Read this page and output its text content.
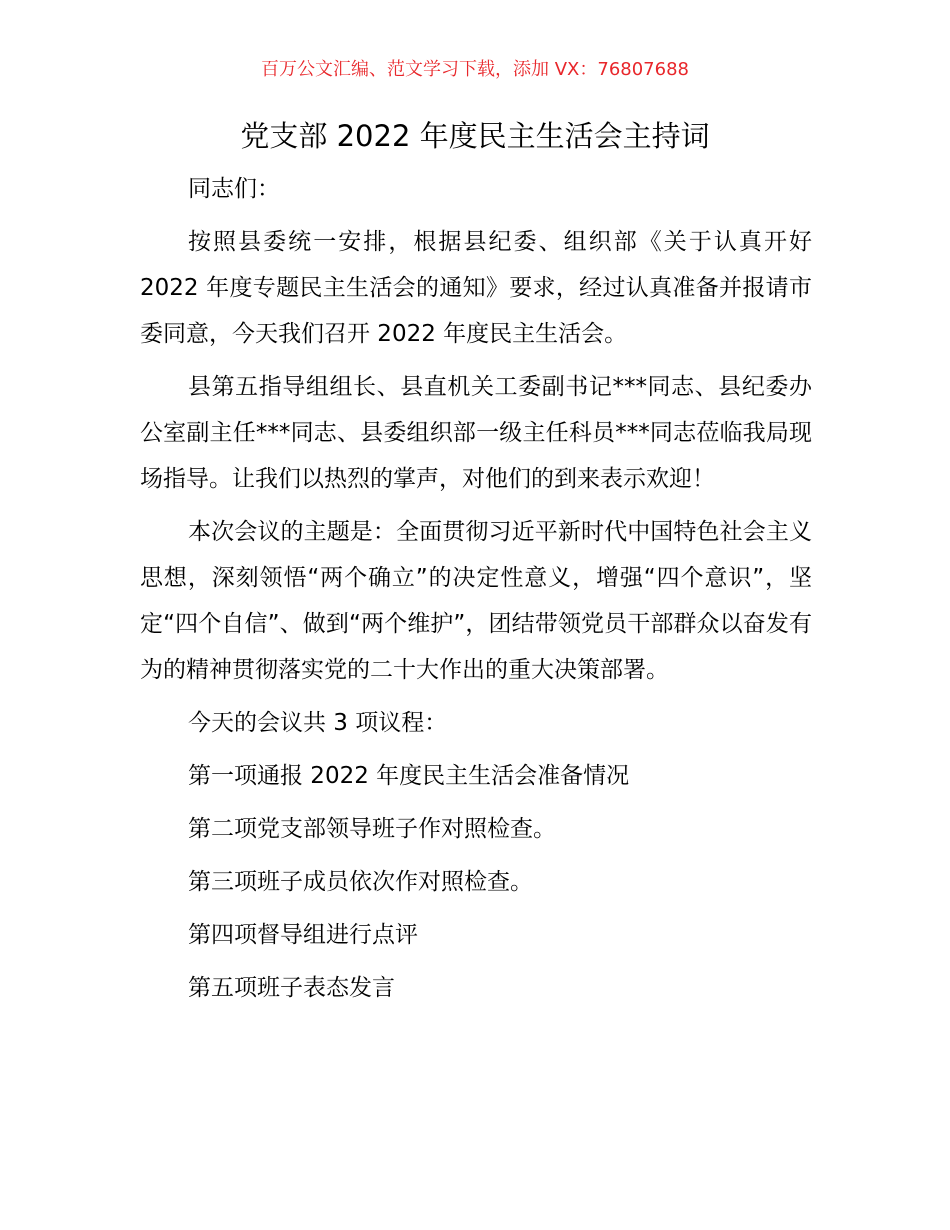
百万公文汇编、范文学习下载，添加 VX：76807688
党支部 2022 年度民主生活会主持词

同志们：

按照县委统一安排，根据县纪委、组织部《关于认真开好 2022 年度专题民主生活会的通知》要求，经过认真准备并报请市委同意，今天我们召开 2022 年度民主生活会。

县第五指导组组长、县直机关工委副书记***同志、县纪委办公室副主任***同志、县委组织部一级主任科员***同志莅临我局现场指导。让我们以热烈的掌声，对他们的到来表示欢迎！

本次会议的主题是：全面贯彻习近平新时代中国特色社会主义思想，深刻领悟“两个确立”的决定性意义，增强“四个意识”，坚定“四个自信”、做到“两个维护”，团结带领党员干部群众以奋发有为的精神贯彻落实党的二十大作出的重大决策部署。

今天的会议共 3 项议程：

第一项通报 2022 年度民主生活会准备情况

第二项党支部领导班子作对照检查。

第三项班子成员依次作对照检查。

第四项督导组进行点评

第五项班子表态发言
